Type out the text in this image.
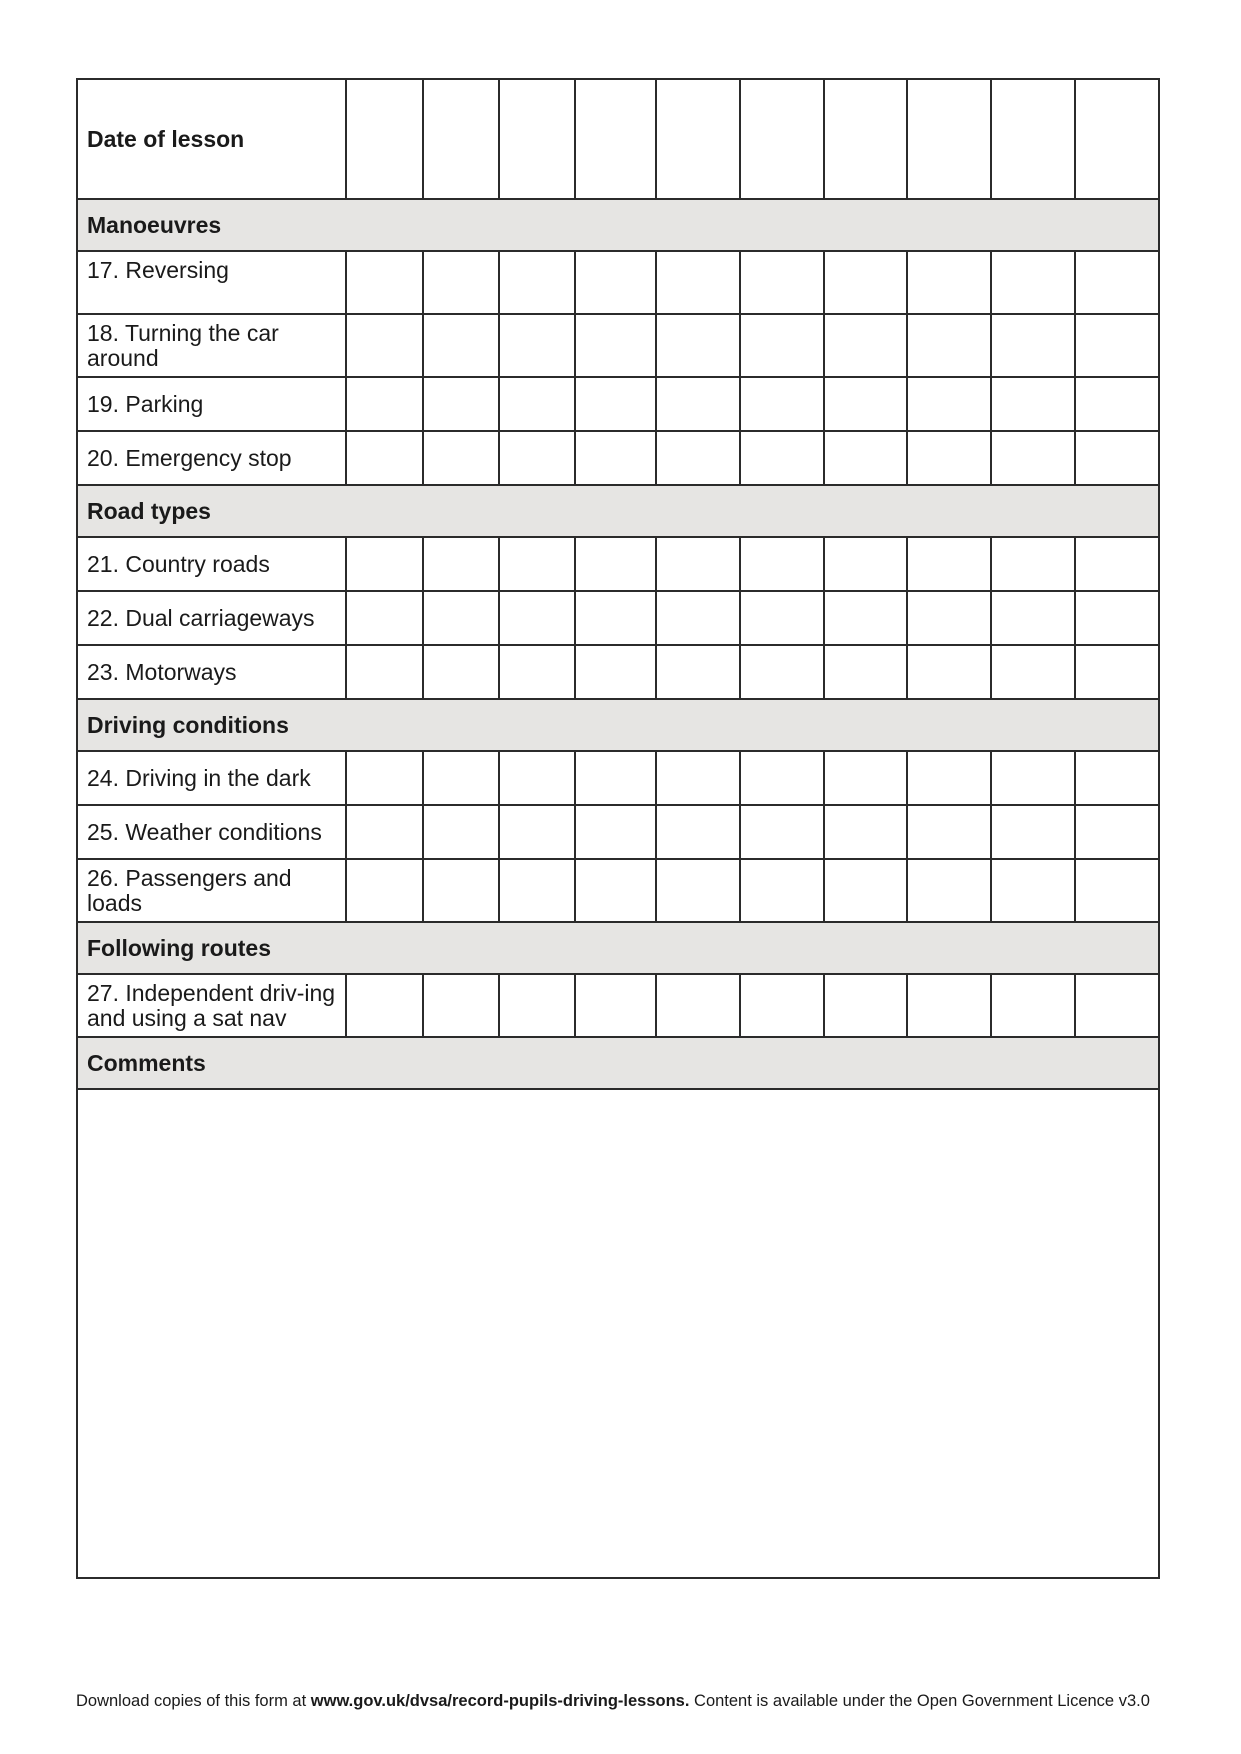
Date of lesson										
Manoeuvres										
17. Reversing										
18. Turning the car around										
19. Parking										
20. Emergency stop										
Road types										
21. Country roads										
22. Dual carriageways										
23. Motorways										
Driving conditions										
24. Driving in the dark										
25. Weather conditions										
26. Passengers and loads										
Following routes										
27. Independent driv-ing and using a sat nav										
Comments										

Download copies of this form at www.gov.uk/dvsa/record-pupils-driving-lessons. Content is available under the Open Government Licence v3.0
